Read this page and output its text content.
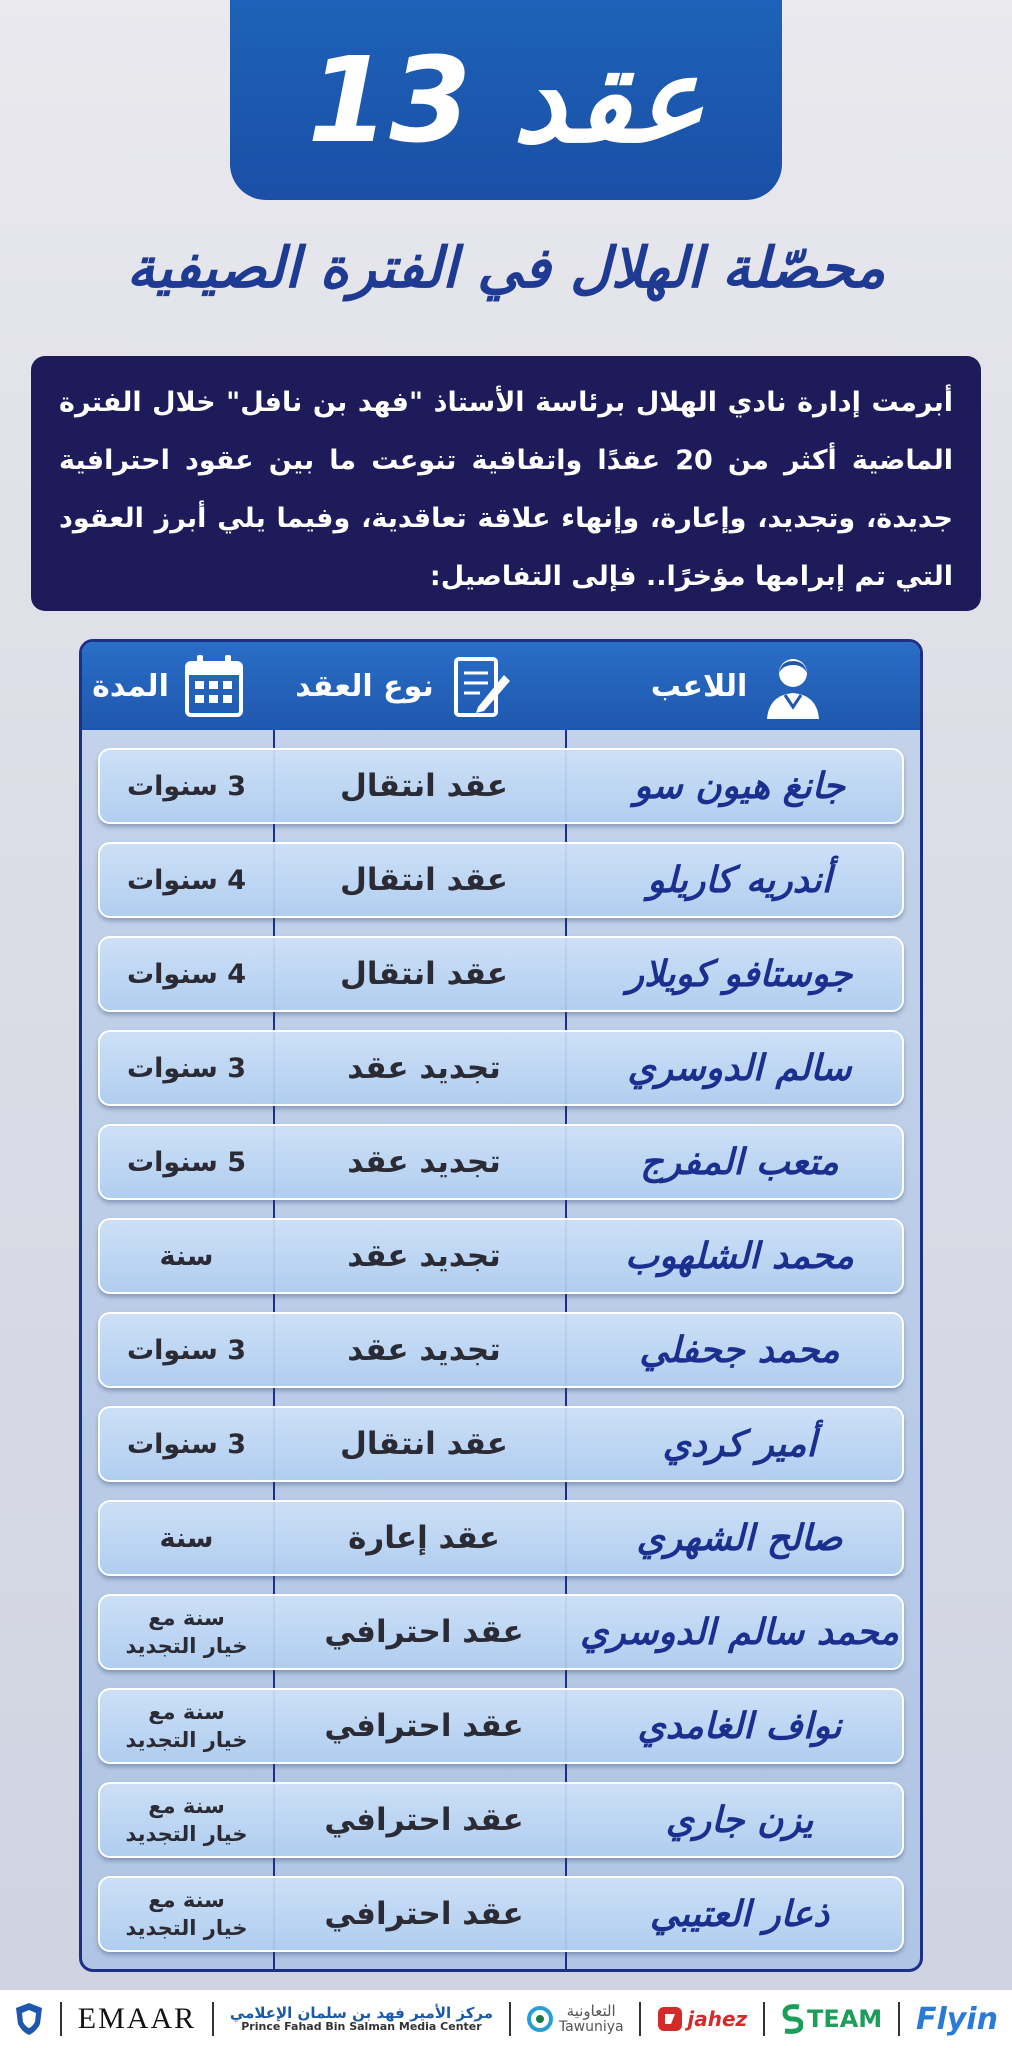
13 عقد
محصّلة الهلال في الفترة الصيفية
أبرمت إدارة نادي الهلال برئاسة الأستاذ "فهد بن نافل" خلال الفترة الماضية أكثر من 20 عقدًا واتفاقية تنوعت ما بين عقود احترافية جديدة، وتجديد، وإعارة، وإنهاء علاقة تعاقدية، وفيما يلي أبرز العقود التي تم إبرامها مؤخرًا.. فإلى التفاصيل:
اللاعب
نوع العقد
المدة
جانغ هيون سو
عقد انتقال
3 سنوات
أندريه كاريلو
عقد انتقال
4 سنوات
جوستافو كويلار
عقد انتقال
4 سنوات
سالم الدوسري
تجديد عقد
3 سنوات
متعب المفرج
تجديد عقد
5 سنوات
محمد الشلهوب
تجديد عقد
سنة
محمد جحفلي
تجديد عقد
3 سنوات
أمير كردي
عقد انتقال
3 سنوات
صالح الشهري
عقد إعارة
سنة
محمد سالم الدوسري
عقد احترافي
سنة مع
خيار التجديد
نواف الغامدي
عقد احترافي
سنة مع
خيار التجديد
يزن جاري
عقد احترافي
سنة مع
خيار التجديد
ذعار العتيبي
عقد احترافي
سنة مع
خيار التجديد
EMAAR مركز الأمير فهد بن سلمان الإعلامي
Prince Fahad Bin Salman Media Center
التعاونية
Tawuniya	jahez TEAM Flyin
